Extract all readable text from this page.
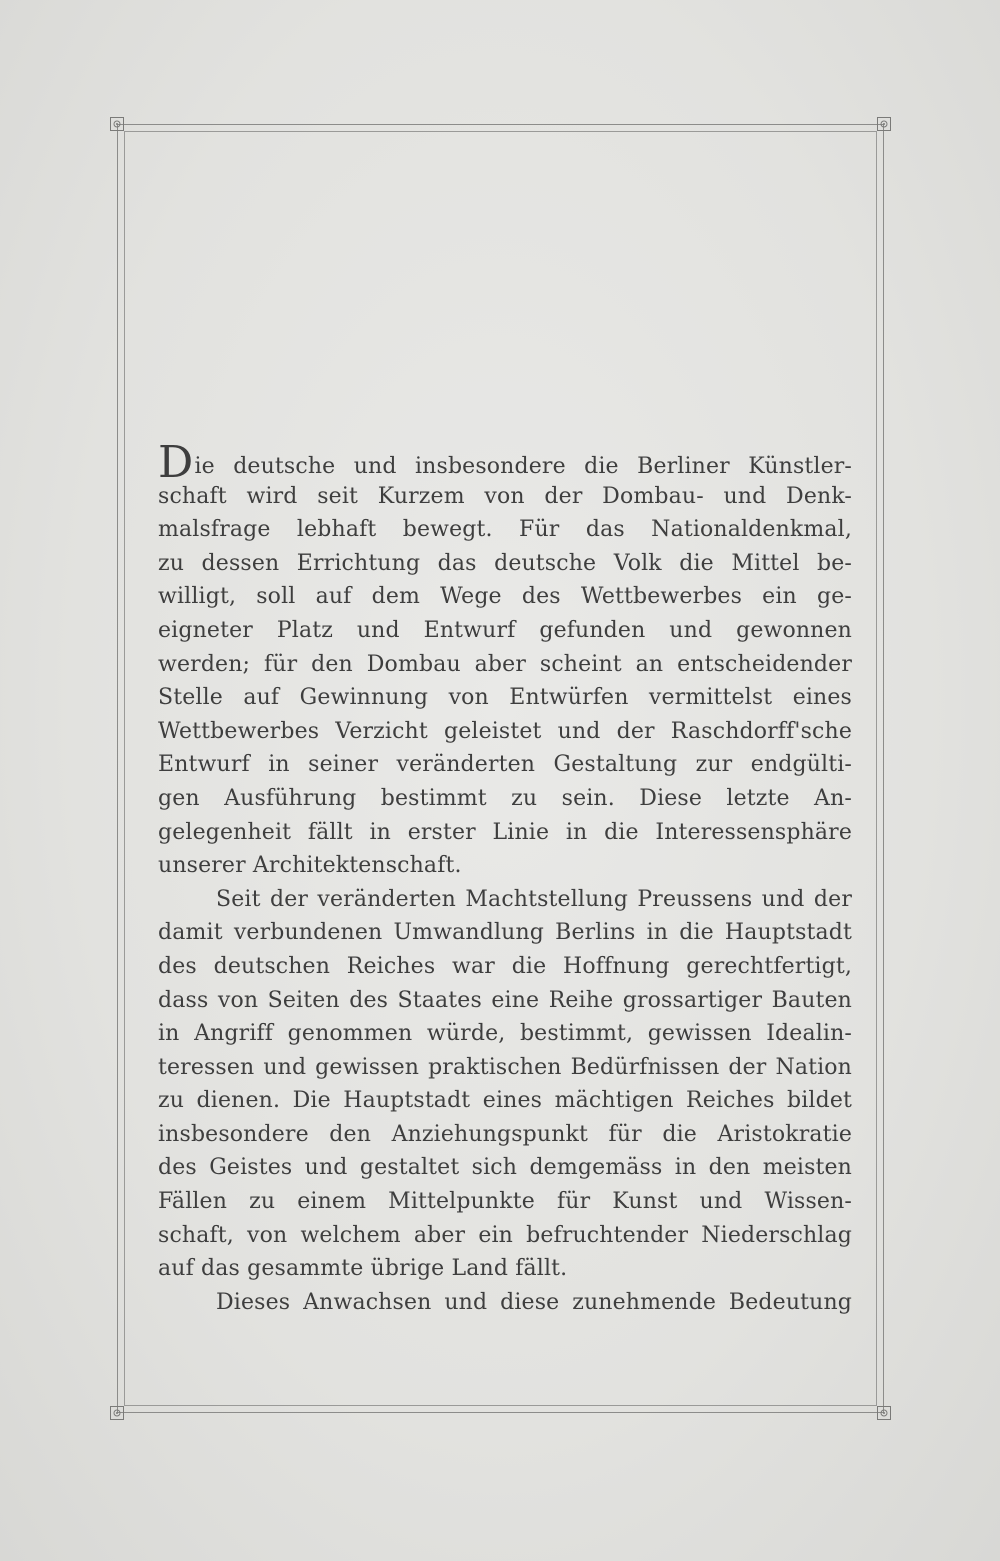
Die deutsche und insbesondere die Berliner Künstler-
schaft wird seit Kurzem von der Dombau- und Denk-
malsfrage lebhaft bewegt. Für das Nationaldenkmal,
zu dessen Errichtung das deutsche Volk die Mittel be-
willigt, soll auf dem Wege des Wettbewerbes ein ge-
eigneter Platz und Entwurf gefunden und gewonnen
werden; für den Dombau aber scheint an entscheidender
Stelle auf Gewinnung von Entwürfen vermittelst eines
Wettbewerbes Verzicht geleistet und der Raschdorff'sche
Entwurf in seiner veränderten Gestaltung zur endgülti-
gen Ausführung bestimmt zu sein. Diese letzte An-
gelegenheit fällt in erster Linie in die Interessensphäre
unserer Architektenschaft.
Seit der veränderten Machtstellung Preussens und der
damit verbundenen Umwandlung Berlins in die Hauptstadt
des deutschen Reiches war die Hoffnung gerechtfertigt,
dass von Seiten des Staates eine Reihe grossartiger Bauten
in Angriff genommen würde, bestimmt, gewissen Idealin-
teressen und gewissen praktischen Bedürfnissen der Nation
zu dienen. Die Hauptstadt eines mächtigen Reiches bildet
insbesondere den Anziehungspunkt für die Aristokratie
des Geistes und gestaltet sich demgemäss in den meisten
Fällen zu einem Mittelpunkte für Kunst und Wissen-
schaft, von welchem aber ein befruchtender Niederschlag
auf das gesammte übrige Land fällt.
Dieses Anwachsen und diese zunehmende Bedeutung
